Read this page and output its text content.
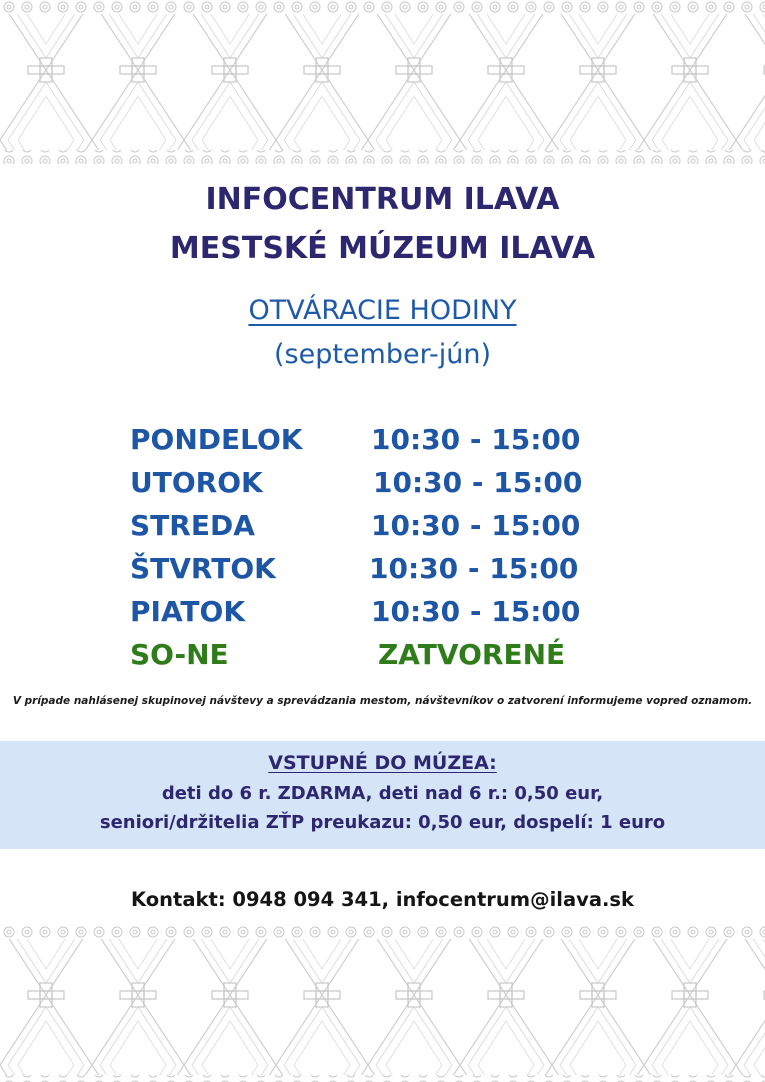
INFOCENTRUM ILAVA
MESTSKÉ MÚZEUM ILAVA
OTVÁRACIE HODINY
(september-jún)
PONDELOK 10:30 - 15:00
UTOROK	10:30 - 15:00
STREDA	10:30 - 15:00
ŠTVRTOK	10:30 - 15:00
PIATOK	10:30 - 15:00
SO-NE	ZATVORENÉ
V prípade nahlásenej skupinovej návštevy a sprevádzania mestom, návštevníkov o zatvorení informujeme vopred oznamom.
VSTUPNÉ DO MÚZEA:
deti do 6 r. ZDARMA, deti nad 6 r.: 0,50 eur,
seniori/držitelia ZŤP preukazu: 0,50 eur, dospelí: 1 euro
Kontakt: 0948 094 341, infocentrum@ilava.sk
